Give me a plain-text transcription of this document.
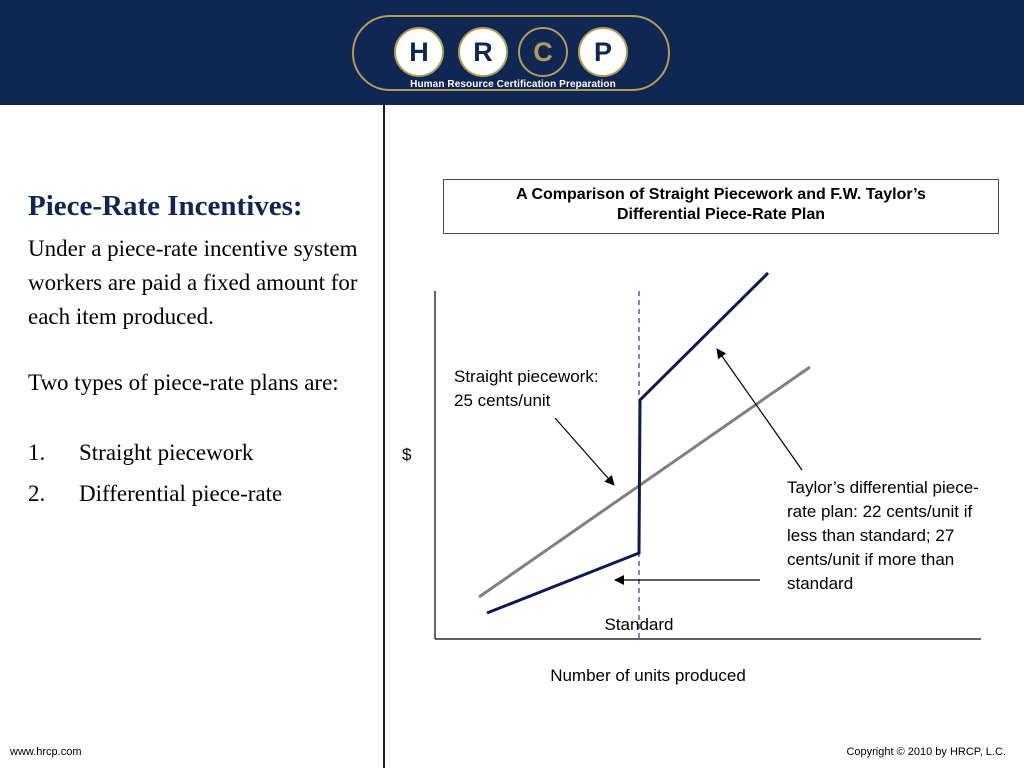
H	R	C	P
Human Resource Certification Preparation
Piece-Rate Incentives:

Under a piece-rate incentive system workers are paid a fixed amount for each item produced.

Two types of piece-rate plans are:

1.	Straight piecework
2.	Differential piece-rate
A Comparison of Straight Piecework and F.W. Taylor’s
Differential Piece-Rate Plan
$
Number of units produced
Standard
Straight piecework:
25 cents/unit
Taylor’s differential piece-
rate plan: 22 cents/unit if
less than standard; 27
cents/unit if more than
standard
www.hrcp.com	Copyright © 2010 by HRCP, L.C.
